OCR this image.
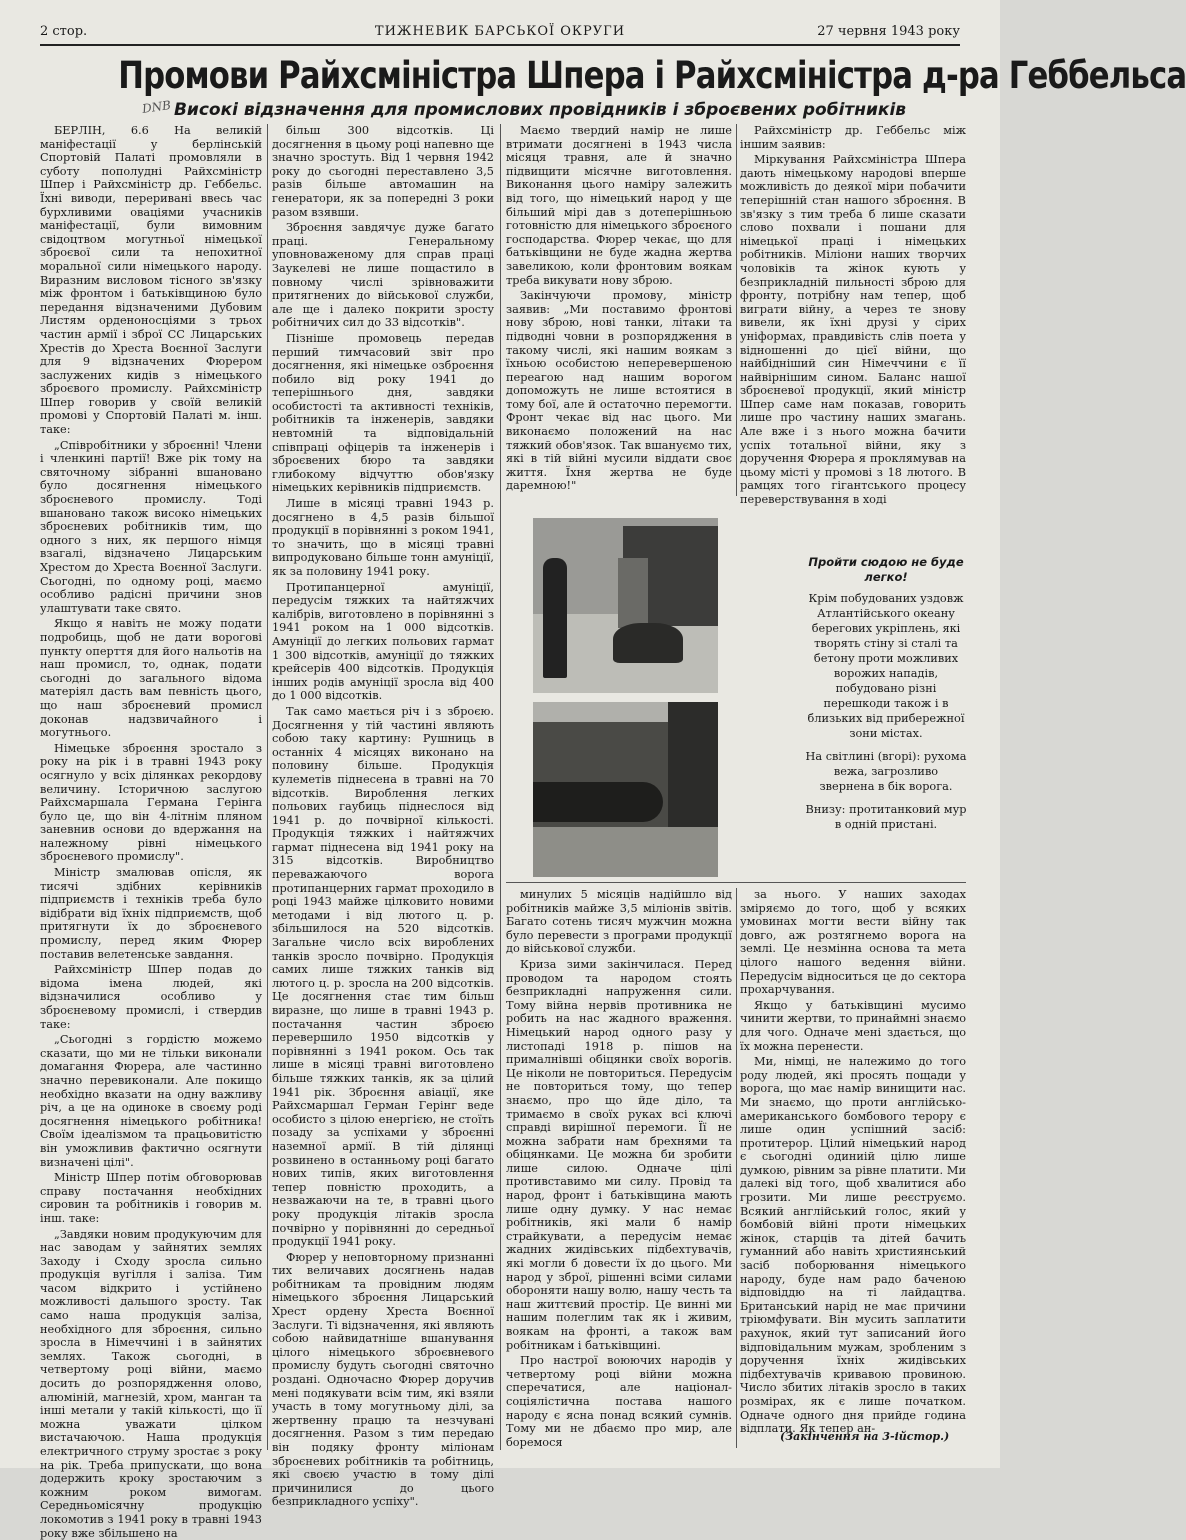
2 стор.	ТИЖНЕВИК БАРСЬКОЇ ОКРУГИ	27 червня 1943 року
Промови Райхсміністра Шпера і Райхсміністра д-ра Геббельса
DNB Високі відзначення для промислових провідників і зброєвених робітників

БЕРЛІН, 6.6 На великій маніфестації у берлінській Спортовій Палаті промовляли в суботу пополудні Райхсміністр Шпер і Райхсміністр др. Геббельс. Їхні виводи, переривані ввесь час бурхливими оваціями учасників маніфестації, були вимовним свідоцтвом могутньої німецької зброєвої сили та непохитної моральної сили німецького народу. Виразним висловом тісного зв'язку між фронтом і батьківщиною було передання відзначеними Дубовим Листям орденоносціями з трьох частин армії і зброї СС Лицарських Хрестів до Хреста Воєнної Заслуги для 9 відзначених Фюрером заслужених кидів з німецького зброєвого промислу. Райхсміністр Шпер говорив у своїй великій промові у Спортовій Палаті м. інш. таке:

„Співробітники у зброєнні! Члени і членкині партії! Вже рік тому на святочному зібранні вшановано було досягнення німецького зброєневого промислу. Тоді вшановано також високо німецьких зброєневих робітників тим, що одного з них, як першого німця взагалі, відзначено Лицарським Хрестом до Хреста Воєнної Заслуги. Сьогодні, по одному році, маємо особливо радісні причини знов улаштувати таке свято.

Якщо я навіть не можу подати подробиць, щоб не дати ворогові пункту оперття для його нальотів на наш промисл, то, однак, подати сьогодні до загального відома матеріял дасть вам певність цього, що наш зброєневий промисл доконав надзвичайного і могутнього.

Німецьке зброєння зростало з року на рік і в травні 1943 року осягнуло у всіх ділянках рекордову величину. Історичною заслугою Райхсмаршала Германа Герінга було це, що він 4-літнім пляном заневнив основи до вдержання на належному рівні німецького зброєневого промислу".

Міністр змалював опісля, як тисячі здібних керівників підприємств і техніків треба було відібрати від їхніх підприємств, щоб притягнути їх до зброєневого промислу, перед яким Фюрер поставив велетенське завдання.

Райхсміністр Шпер подав до відома імена людей, які відзначилися особливо у зброєневому промислі, і ствердив таке:

„Сьогодні з гордістю можемо сказати, що ми не тільки виконали домагання Фюрера, але частинно значно перевиконали. Але покищо необхідно вказати на одну важливу річ, а це на одиноке в своєму роді досягнення німецького робітника! Своїм ідеалізмом та працьовитістю він уможливив фактично осягнути визначені цілі".

Міністр Шпер потім обговорював справу постачання необхідних сировин та робітників і говорив м. інш. таке:

„Завдяки новим продукуючим для нас заводам у зайнятих землях Заходу і Сходу зросла сильно продукція вугілля і заліза. Тим часом відкрито і устійнено можливості дальшого зросту. Так само наша продукція заліза, необхідного для зброєння, сильно зросла в Німеччині і в зайнятих землях. Також сьогодні, в четвертому році війни, маємо досить до розпорядження олово, алюміній, магнезій, хром, манган та інші метали у такій кількості, що її можна уважати цілком вистачаючою. Наша продукція електричного струму зростає з року на рік. Треба припускати, що вона додержить кроку зростаючим з кожним роком вимогам. Середньомісячну продукцію локомотив з 1941 року в травні 1943 року вже збільшено на

більш 300 відсотків. Ці досягнення в цьому році напевно ще значно зростуть. Від 1 червня 1942 року до сьогодні переставлено 3,5 разів більше автомашин на генератори, як за попередні 3 роки разом взявши.

Зброєння завдячує дуже багато праці. Генеральному уповноваженому для справ праці Заукелеві не лише пощастило в повному числі зрівноважити притягнених до військової служби, але ще і далеко покрити зросту робітничих сил до 33 відсотків".

Пізніше промовець передав перший тимчасовий звіт про досягнення, які німецьке озброєння побило від року 1941 до теперішнього дня, завдяки особистості та активності техніків, робітників та інженерів, завдяки невтомній та відповідальній співпраці офіцерів та інженерів і зброєвених бюро та завдяки глибокому відчуттю обов'язку німецьких керівників підприємств.

Лише в місяці травні 1943 р. досягнено в 4,5 разів більшої продукції в порівнянні з роком 1941, то значить, що в місяці травні випродуковано більше тонн амуніції, як за половину 1941 року.

Протипанцерної амуніції, передусім тяжких та найтяжчих калібрів, виготовлено в порівнянні з 1941 роком на 1 000 відсотків. Амуніції до легких польових гармат 1 300 відсотків, амуніції до тяжких крейсерів 400 відсотків. Продукція інших родів амуніції зросла від 400 до 1 000 відсотків.

Так само мається річ і з зброєю. Досягнення у тій частині являють собою таку картину: Рушниць в останніх 4 місяцях виконано на половину більше. Продукція кулеметів піднесена в травні на 70 відсотків. Вироблення легких польових гаубиць піднеслося від 1941 р. до почвірної кількості. Продукція тяжких і найтяжчих гармат піднесена від 1941 року на 315 відсотків. Виробництво переважаючого ворога протипанцерних гармат проходило в році 1943 майже цілковито новими методами і від лютого ц. р. збільшилося на 520 відсотків. Загальне число всіх вироблених танків зросло почвірно. Продукція самих лише тяжких танків від лютого ц. р. зросла на 200 відсотків. Це досягнення стає тим більш виразне, що лише в травні 1943 р. постачання частин зброєю перевершило 1950 відсотків у порівнянні з 1941 роком. Ось так лише в місяці травні виготовлено більше тяжких танків, як за цілий 1941 рік. Зброєння авіації, яке Райхсмаршал Герман Герінг веде особисто з цілою енергією, не стоїть позаду за успіхами у зброєнні наземної армії. В тій ділянці розвинено в останньому році багато нових типів, яких виготовлення тепер повністю проходить, а незважаючи на те, в травні цього року продукція літаків зросла почвірно у порівнянні до середньої продукції 1941 року.

Фюрер у неповторному признанні тих величавих досягнень надав робітникам та провідним людям німецького зброєння Лицарський Хрест ордену Хреста Воєнної Заслуги. Ті відзначення, які являють собою найвидатніше вшанування цілого німецького зброєвневого промислу будуть сьогодні святочно роздані. Одночасно Фюрер доручив мені подякувати всім тим, які взяли участь в тому могутньому ділі, за жертвенну працю та незчувані досягнення. Разом з тим передаю він подяку фронту міліонам зброєневих робітників та робітниць, які своєю участю в тому ділі причинилися до цього безприкладного успіху".

Маємо твердий намір не лише втримати досягнені в 1943 числа місяця травня, але й значно підвищити місячне виготовлення. Виконання цього наміру залежить від того, що німецький народ у ще більший мірі дав з дотеперішньою готовністю для німецького зброєного господарства. Фюрер чекає, що для батьківщини не буде жадна жертва завеликою, коли фронтовим воякам треба викувати нову зброю.

Закінчуючи промову, міністр заявив: „Ми поставимо фронтові нову зброю, нові танки, літаки та підводні човни в розпорядження в такому числі, які нашим воякам з їхньою особистою неперевершеною переагою над нашим ворогом допоможуть не лише встоятися в тому бої, але й остаточно перемогти. Фронт чекає від нас цього. Ми виконаємо положений на нас тяжкий обов'язок. Так вшануємо тих, які в тій війні мусили віддати своє життя. Їхня жертва не буде даремною!"

Райхсміністр др. Геббельс між іншим заявив:

Міркування Райхсміністра Шпера дають німецькому народові вперше можливість до деякої міри побачити теперішній стан нашого зброєння. В зв'язку з тим треба б лише сказати слово похвали і пошани для німецької праці і німецьких робітників. Міліони наших творчих чоловіків та жінок кують у безприкладній пильності зброю для фронту, потрібну нам тепер, щоб виграти війну, а через те знову вивели, як їхні друзі у сірих уніформах, правдивість слів поета у відношенні до цієї війни, що найбідніший син Німеччини є її найвірнішим сином. Баланс нашої зброєневої продукції, який міністр Шпер саме нам показав, говорить лише про частину наших змагань. Але вже і з нього можна бачити успіх тотальної війни, яку з доручення Фюрера я проклямував на цьому місті у промові з 18 лютого. В рамцях того гігантського процесу переверствування в ході

Пройти сюдою не буде легко!

Крім побудованих уздовж Атлантійського океану берегових укріплень, які творять стіну зі сталі та бетону проти можливих ворожих нападів, побудовано різні перешкоди також і в близьких від прибережної зони містах.

На світлині (вгорі): рухома вежа, загрозливо звернена в бік ворога.

Внизу: протитанковий мур в одній пристані.

минулих 5 місяців надійшло від робітників майже 3,5 міліонів звітів. Багато сотень тисяч мужчин можна було перевести з програми продукції до військової служби.

Криза зими закінчилася. Перед проводом та народом стоять безприкладні напруження сили. Тому війна нервів противника не робить на нас жадного враження. Німецький народ одного разу у листопаді 1918 р. пішов на прималнівші обіцянки своїх ворогів. Це ніколи не повториться. Передусім не повториться тому, що тепер знаємо, про що йде діло, та тримаємо в своїх руках всі ключі справді вирішної перемоги. Її не можна забрати нам брехнями та обіцянками. Це можна би зробити лише силою. Одначе цілі противставимо ми силу. Провід та народ, фронт і батьківщина мають лише одну думку. У нас немає робітників, які мали б намір страйкувати, а передусім немає жадних жидівських підбехтувачів, які могли б довести їх до цього. Ми народ у зброї, рішенні всіми силами обороняти нашу волю, нашу честь та наш життєвий простір. Це винні ми нашим полеглим так як і живим, воякам на фронті, а також вам робітникам і батьківщині.

Про настрої воюючих народів у четвертому році війни можна сперечатися, але націонал-соціялістична постава нашого народу є ясна понад всякий сумнів. Тому ми не дбаємо про мир, але боремося

за нього. У наших заходах зміряємо до того, щоб у всяких умовинах могти вести війну так довго, аж розтягнемо ворога на землі. Це незмінна основа та мета цілого нашого ведення війни. Передусім відноситься це до сектора прохарчування.

Якщо у батьківщині мусимо чинити жертви, то принаймні знаємо для чого. Одначе мені здається, що їх можна перенести.

Ми, німці, не належимо до того роду людей, які просять пощади у ворога, що має намір винищити нас. Ми знаємо, що проти англійсько-американського бомбового терору є лише один успішний засіб: протитерор. Цілий німецький народ є сьогодні одиниій цілю лише думкою, рівним за рівне платити. Ми далекі від того, щоб хвалитися або грозити. Ми лише реєструємо. Всякий англійський голос, який у бомбовій війні проти німецьких жінок, старців та дітей бачить гуманний або навіть християнський засіб поборювання німецького народу, буде нам радо баченою відповіддю на ті лайдацтва. Британський нарід не має причини тріюмфувати. Він мусить заплатити рахунок, який тут записаний його відповідальним мужам, зробленим з доручення їхніх жидівських підбехтувачів кривавою провиною. Число збитих літаків зросло в таких розмірах, як є лише початком. Одначе одного дня прийде година відплати. Як тепер ан-

(Закінчення на 3-ійстор.)
